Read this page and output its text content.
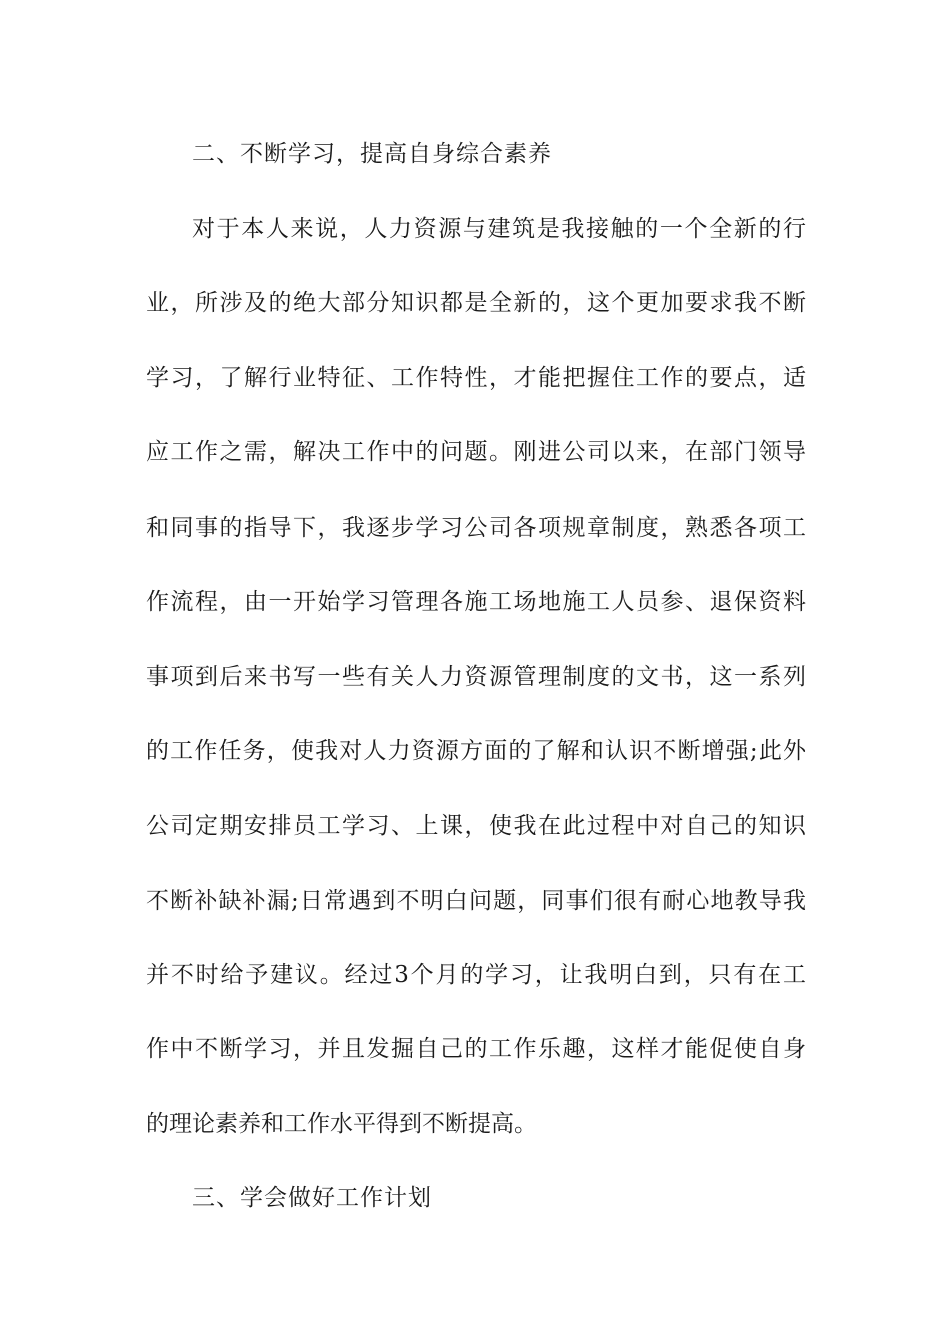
二、不断学习，提高自身综合素养
对于本人来说，人力资源与建筑是我接触的一个全新的行
业，所涉及的绝大部分知识都是全新的，这个更加要求我不断
学习，了解行业特征、工作特性，才能把握住工作的要点，适
应工作之需，解决工作中的问题。刚进公司以来，在部门领导
和同事的指导下，我逐步学习公司各项规章制度，熟悉各项工
作流程，由一开始学习管理各施工场地施工人员参、退保资料
事项到后来书写一些有关人力资源管理制度的文书，这一系列
的工作任务，使我对人力资源方面的了解和认识不断增强;此外
公司定期安排员工学习、上课，使我在此过程中对自己的知识
不断补缺补漏;日常遇到不明白问题，同事们很有耐心地教导我
并不时给予建议。经过3个月的学习，让我明白到，只有在工
作中不断学习，并且发掘自己的工作乐趣，这样才能促使自身
的理论素养和工作水平得到不断提高。
三、学会做好工作计划
